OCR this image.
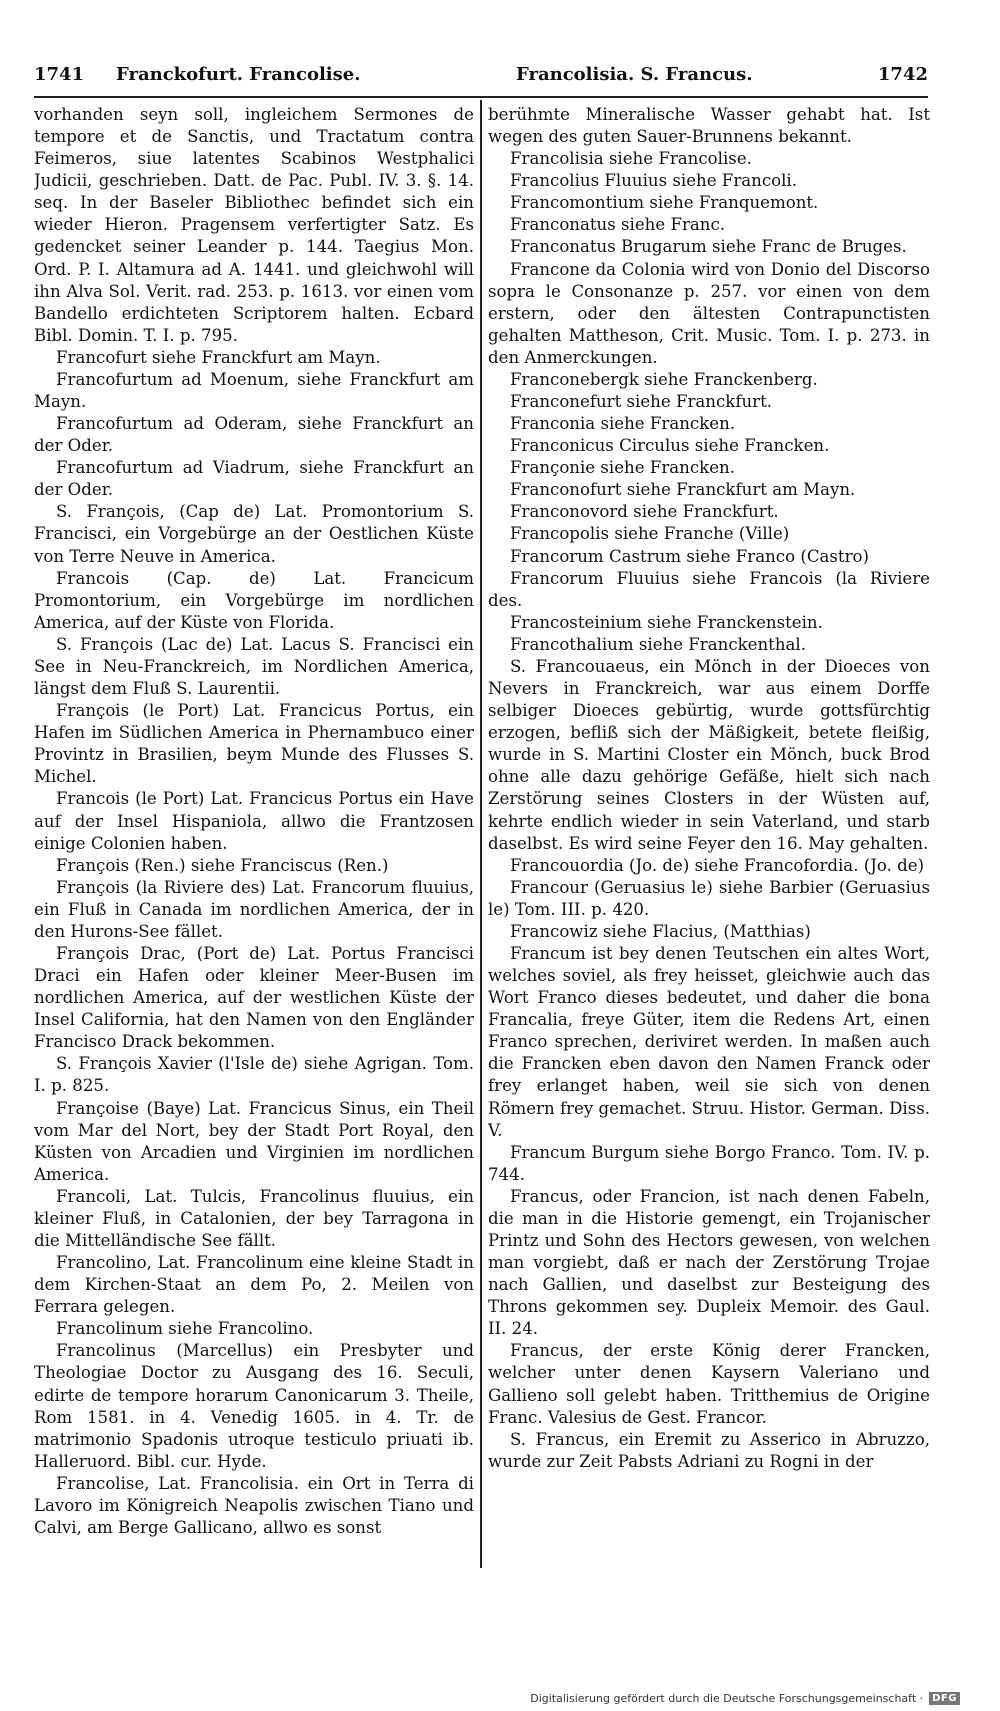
1741 Franckofurt. Francolise.	Francolisia. S. Francus.	1742

vorhanden seyn soll, ingleichem Sermones de tempore et de Sanctis, und Tractatum contra Feimeros, siue latentes Scabinos Westphalici Judicii, geschrieben. Datt. de Pac. Publ. IV. 3. §. 14. seq. In der Baseler Bibliothec befindet sich ein wieder Hieron. Pragensem verfertigter Satz. Es gedencket seiner Leander p. 144. Taegius Mon. Ord. P. I. Altamura ad A. 1441. und gleichwohl will ihn Alva Sol. Verit. rad. 253. p. 1613. vor einen vom Bandello erdichteten Scriptorem halten. Ecbard Bibl. Domin. T. I. p. 795.

Francofurt siehe Franckfurt am Mayn.

Francofurtum ad Moenum, siehe Franckfurt am Mayn.

Francofurtum ad Oderam, siehe Franckfurt an der Oder.

Francofurtum ad Viadrum, siehe Franckfurt an der Oder.

S. François, (Cap de) Lat. Promontorium S. Francisci, ein Vorgebürge an der Oestlichen Küste von Terre Neuve in America.

Francois (Cap. de) Lat. Francicum Promontorium, ein Vorgebürge im nordlichen America, auf der Küste von Florida.

S. François (Lac de) Lat. Lacus S. Francisci ein See in Neu-Franckreich, im Nordlichen America, längst dem Fluß S. Laurentii.

François (le Port) Lat. Francicus Portus, ein Hafen im Südlichen America in Phernambuco einer Provintz in Brasilien, beym Munde des Flusses S. Michel.

Francois (le Port) Lat. Francicus Portus ein Have auf der Insel Hispaniola, allwo die Frantzosen einige Colonien haben.

François (Ren.) siehe Franciscus (Ren.)

François (la Riviere des) Lat. Francorum fluuius, ein Fluß in Canada im nordlichen America, der in den Hurons-See fället.

François Drac, (Port de) Lat. Portus Francisci Draci ein Hafen oder kleiner Meer-Busen im nordlichen America, auf der westlichen Küste der Insel California, hat den Namen von den Engländer Francisco Drack bekommen.

S. François Xavier (l'Isle de) siehe Agrigan. Tom. I. p. 825.

Françoise (Baye) Lat. Francicus Sinus, ein Theil vom Mar del Nort, bey der Stadt Port Royal, den Küsten von Arcadien und Virginien im nordlichen America.

Francoli, Lat. Tulcis, Francolinus fluuius, ein kleiner Fluß, in Catalonien, der bey Tarragona in die Mittelländische See fällt.

Francolino, Lat. Francolinum eine kleine Stadt in dem Kirchen-Staat an dem Po, 2. Meilen von Ferrara gelegen.

Francolinum siehe Francolino.

Francolinus (Marcellus) ein Presbyter und Theologiae Doctor zu Ausgang des 16. Seculi, edirte de tempore horarum Canonicarum 3. Theile, Rom 1581. in 4. Venedig 1605. in 4. Tr. de matrimonio Spadonis utroque testiculo priuati ib. Halleruord. Bibl. cur. Hyde.

Francolise, Lat. Francolisia. ein Ort in Terra di Lavoro im Königreich Neapolis zwischen Tiano und Calvi, am Berge Gallicano, allwo es sonst

berühmte Mineralische Wasser gehabt hat. Ist wegen des guten Sauer-Brunnens bekannt.

Francolisia siehe Francolise.

Francolius Fluuius siehe Francoli.

Francomontium siehe Franquemont.

Franconatus siehe Franc.

Franconatus Brugarum siehe Franc de Bruges.

Francone da Colonia wird von Donio del Discorso sopra le Consonanze p. 257. vor einen von dem erstern, oder den ältesten Contrapunctisten gehalten Mattheson, Crit. Music. Tom. I. p. 273. in den Anmerckungen.

Franconebergk siehe Franckenberg.

Franconefurt siehe Franckfurt.

Franconia siehe Francken.

Franconicus Circulus siehe Francken.

Françonie siehe Francken.

Franconofurt siehe Franckfurt am Mayn.

Franconovord siehe Franckfurt.

Francopolis siehe Franche (Ville)

Francorum Castrum siehe Franco (Castro)

Francorum Fluuius siehe Francois (la Riviere des.

Francosteinium siehe Franckenstein.

Francothalium siehe Franckenthal.

S. Francouaeus, ein Mönch in der Dioeces von Nevers in Franckreich, war aus einem Dorffe selbiger Dioeces gebürtig, wurde gottsfürchtig erzogen, befliß sich der Mäßigkeit, betete fleißig, wurde in S. Martini Closter ein Mönch, buck Brod ohne alle dazu gehörige Gefäße, hielt sich nach Zerstörung seines Closters in der Wüsten auf, kehrte endlich wieder in sein Vaterland, und starb daselbst. Es wird seine Feyer den 16. May gehalten.

Francouordia (Jo. de) siehe Francofordia. (Jo. de)

Francour (Geruasius le) siehe Barbier (Geruasius le) Tom. III. p. 420.

Francowiz siehe Flacius, (Matthias)

Francum ist bey denen Teutschen ein altes Wort, welches soviel, als frey heisset, gleichwie auch das Wort Franco dieses bedeutet, und daher die bona Francalia, freye Güter, item die Redens Art, einen Franco sprechen, deriviret werden. In maßen auch die Francken eben davon den Namen Franck oder frey erlanget haben, weil sie sich von denen Römern frey gemachet. Struu. Histor. German. Diss. V.

Francum Burgum siehe Borgo Franco. Tom. IV. p. 744.

Francus, oder Francion, ist nach denen Fabeln, die man in die Historie gemengt, ein Trojanischer Printz und Sohn des Hectors gewesen, von welchen man vorgiebt, daß er nach der Zerstörung Trojae nach Gallien, und daselbst zur Besteigung des Throns gekommen sey. Dupleix Memoir. des Gaul. II. 24.

Francus, der erste König derer Francken, welcher unter denen Kaysern Valeriano und Gallieno soll gelebt haben. Tritthemius de Origine Franc. Valesius de Gest. Francor.

S. Francus, ein Eremit zu Asserico in Abruzzo, wurde zur Zeit Pabsts Adriani zu Rogni in der

Digitalisierung gefördert durch die Deutsche Forschungsgemeinschaft · DFG
